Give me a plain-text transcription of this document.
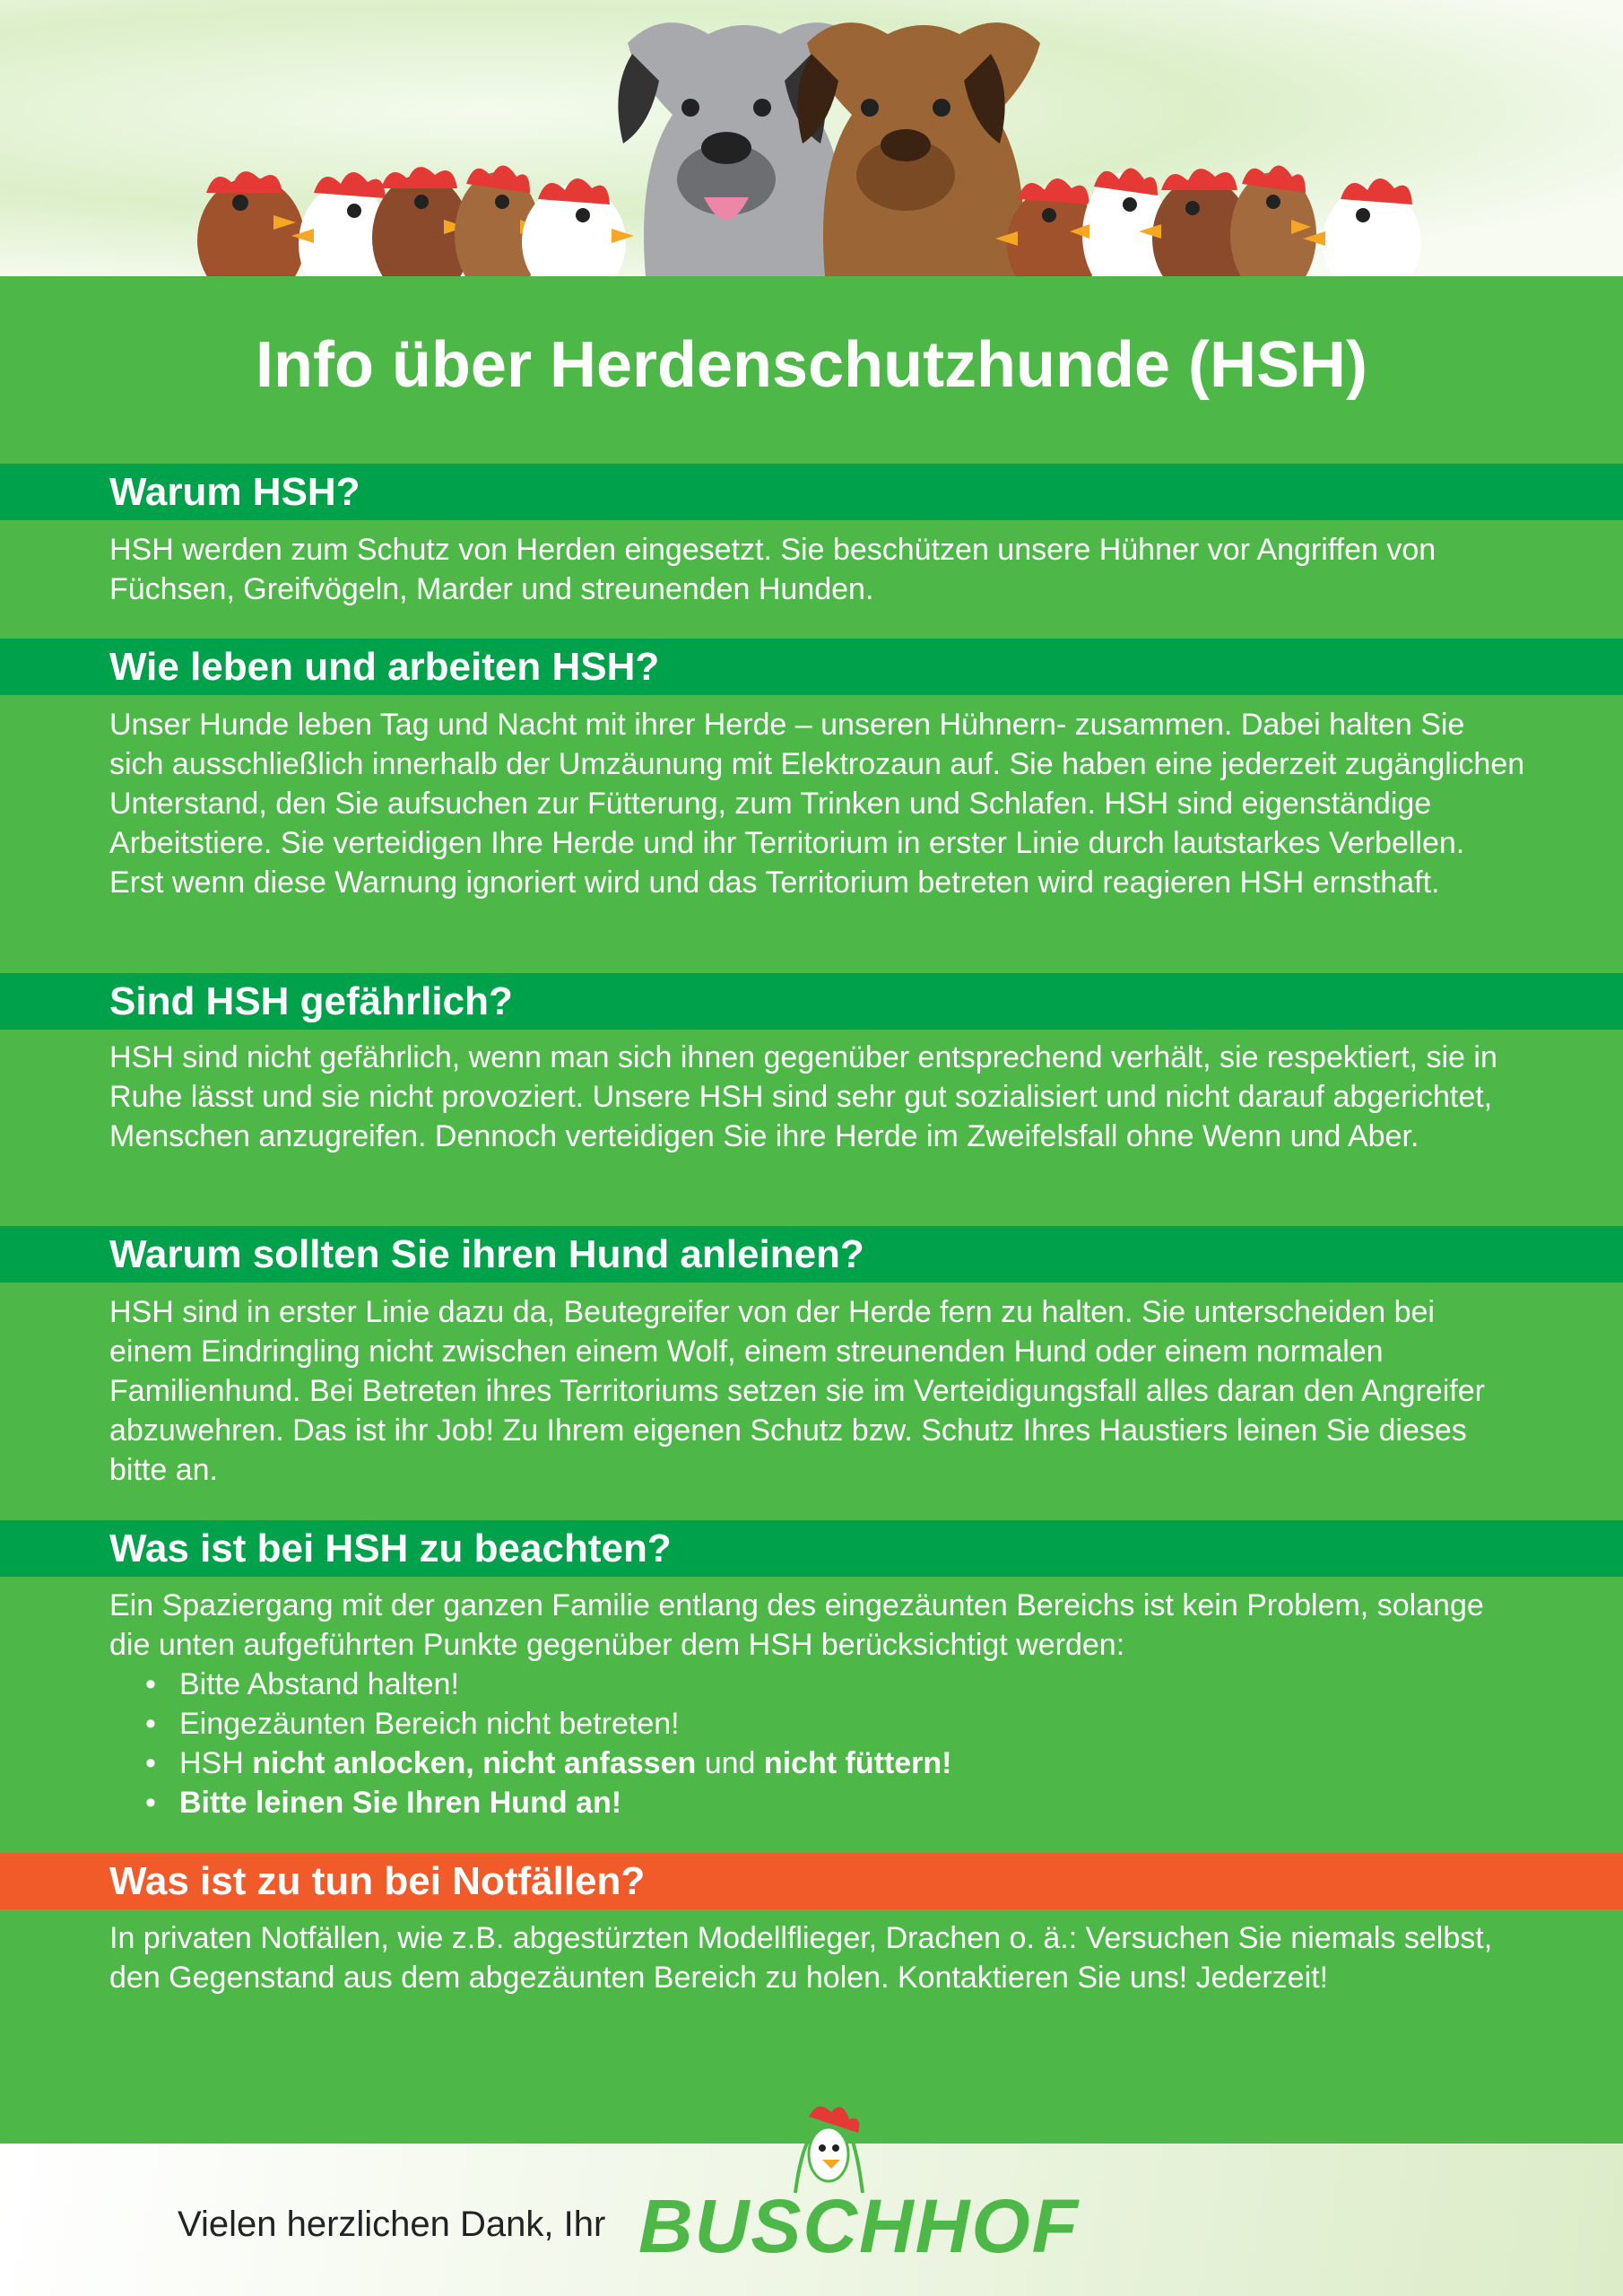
Info über Herdenschutzhunde (HSH)
Warum HSH?

HSH werden zum Schutz von Herden eingesetzt. Sie beschützen unsere Hühner vor Angriffen von Füchsen, Greifvögeln, Marder und streunenden Hunden.

Wie leben und arbeiten HSH?

Unser Hunde leben Tag und Nacht mit ihrer Herde – unseren Hühnern- zusammen. Dabei halten Sie sich ausschließlich innerhalb der Umzäunung mit Elektrozaun auf. Sie haben eine jederzeit zugänglichen Unterstand, den Sie aufsuchen zur Fütterung, zum Trinken und Schlafen. HSH sind eigenständige Arbeitstiere. Sie verteidigen Ihre Herde und ihr Territorium in erster Linie durch lautstarkes Verbellen. Erst wenn diese Warnung ignoriert wird und das Territorium betreten wird reagieren HSH ernsthaft.

Sind HSH gefährlich?

HSH sind nicht gefährlich, wenn man sich ihnen gegenüber entsprechend verhält, sie respektiert, sie in Ruhe lässt und sie nicht provoziert. Unsere HSH sind sehr gut sozialisiert und nicht darauf abgerichtet, Menschen anzugreifen. Dennoch verteidigen Sie ihre Herde im Zweifelsfall ohne Wenn und Aber.

Warum sollten Sie ihren Hund anleinen?

HSH sind in erster Linie dazu da, Beutegreifer von der Herde fern zu halten. Sie unterscheiden bei einem Eindringling nicht zwischen einem Wolf, einem streunenden Hund oder einem normalen Familienhund. Bei Betreten ihres Territoriums setzen sie im Verteidigungsfall alles daran den Angreifer abzuwehren. Das ist ihr Job! Zu Ihrem eigenen Schutz bzw. Schutz Ihres Haustiers leinen Sie dieses bitte an.

Was ist bei HSH zu beachten?

Ein Spaziergang mit der ganzen Familie entlang des eingezäunten Bereichs ist kein Problem, solange die unten aufgeführten Punkte gegenüber dem HSH berücksichtigt werden:

• Bitte Abstand halten!
• Eingezäunten Bereich nicht betreten!
• HSH nicht anlocken, nicht anfassen und nicht füttern!
• Bitte leinen Sie Ihren Hund an!
Was ist zu tun bei Notfällen?

In privaten Notfällen, wie z.B. abgestürzten Modellflieger, Drachen o. ä.: Versuchen Sie niemals selbst, den Gegenstand aus dem abgezäunten Bereich zu holen. Kontaktieren Sie uns! Jederzeit!

Vielen herzlichen Dank, Ihr BUSCHHOF
